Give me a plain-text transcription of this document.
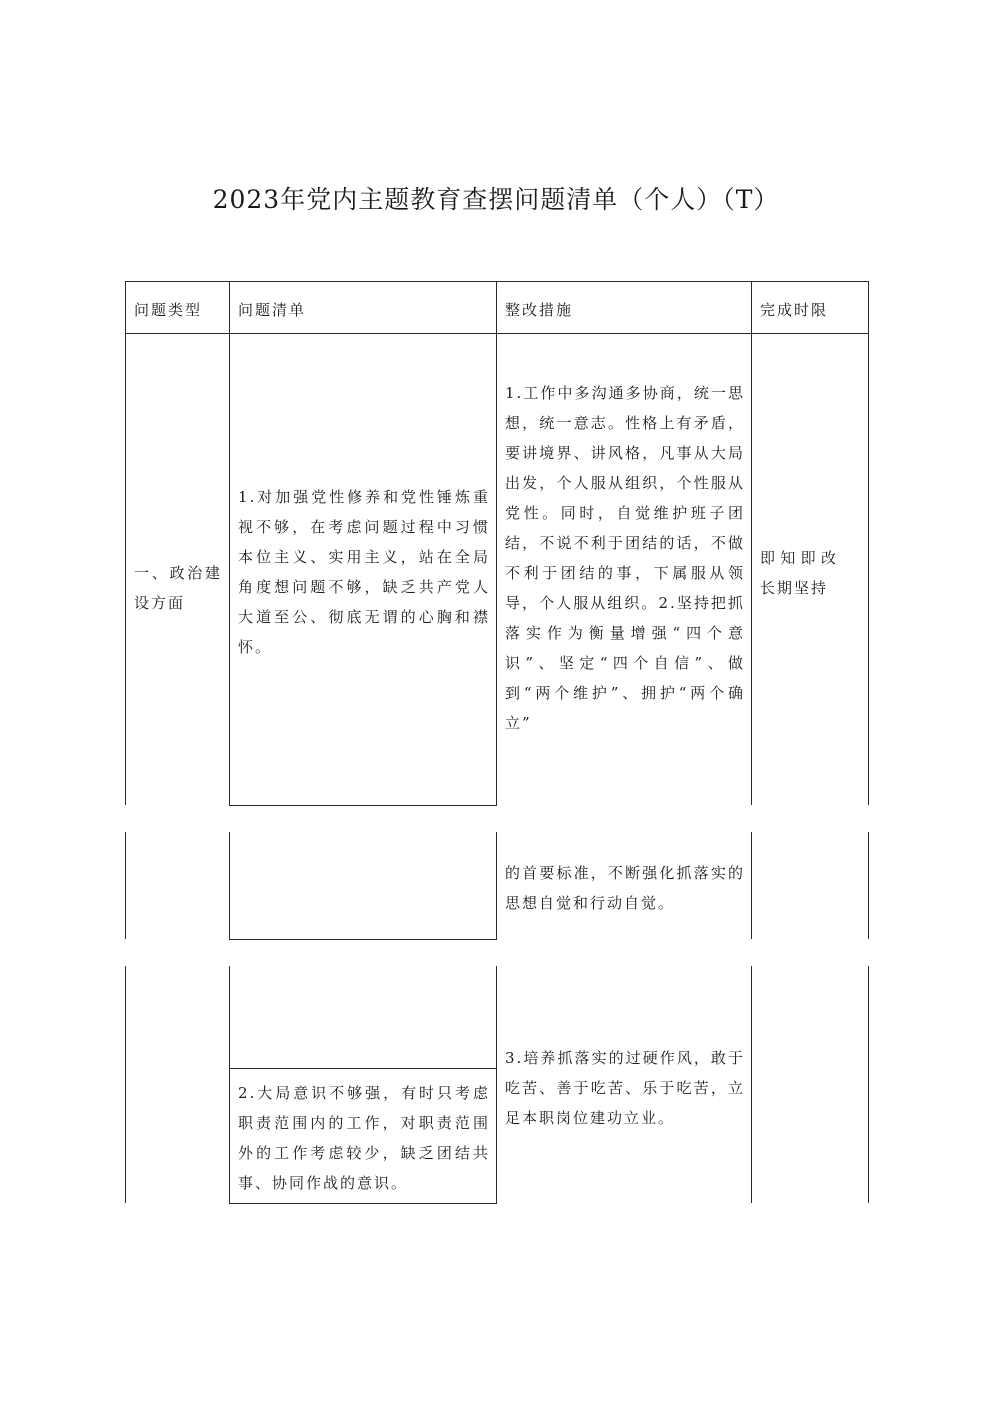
2023年党内主题教育查摆问题清单（个人）（T）
问题类型 问题清单	整改措施	完成时限
一、政治建设方面
1.对加强党性修养和党性锤炼重视不够，在考虑问题过程中习惯本位主义、实用主义，站在全局角度想问题不够，缺乏共产党人大道至公、彻底无谓的心胸和襟怀。
1.工作中多沟通多协商，统一思想，统一意志。性格上有矛盾，要讲境界、讲风格，凡事从大局出发，个人服从组织，个性服从党性。同时，自觉维护班子团结，不说不利于团结的话，不做不利于团结的事，下属服从领导，个人服从组织。2.坚持把抓落实作为衡量增强“四个意识”、坚定“四个自信”、做到“两个维护”、拥护“两个确立”
即知即改长期坚持
的首要标准，不断强化抓落实的思想自觉和行动自觉。
3.培养抓落实的过硬作风，敢于吃苦、善于吃苦、乐于吃苦，立足本职岗位建功立业。
2.大局意识不够强，有时只考虑职责范围内的工作，对职责范围外的工作考虑较少，缺乏团结共事、协同作战的意识。
